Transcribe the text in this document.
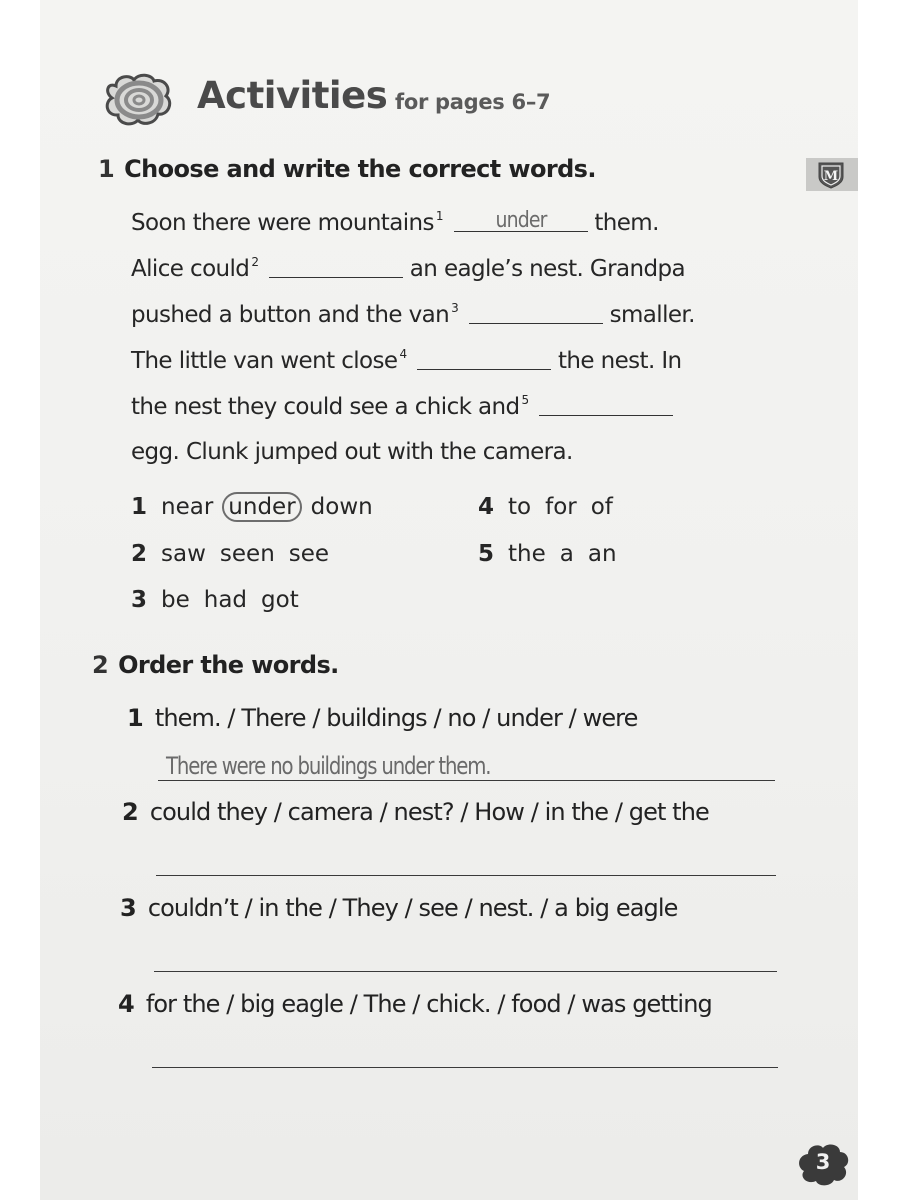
Activities for pages 6–7
M
1 Choose and write the correct words.
Soon there were mountains $^1$	under	them.
Alice could $^2$	an eagle’s nest. Grandpa
pushed a button and the van $^3$	smaller.
The little van went close $^4$	the nest. In
the nest they could see a chick and $^5$
egg. Clunk jumped out with the camera.
1 near under down
2 saw seen see
3 be had got
4 to for of
5 the a an
2 Order the words.
1 them. / There / buildings / no / under / were
There were no buildings under them.
2 could they / camera / nest? / How / in the / get the
3 couldn’t / in the / They / see / nest. / a big eagle
4 for the / big eagle / The / chick. / food / was getting
3
